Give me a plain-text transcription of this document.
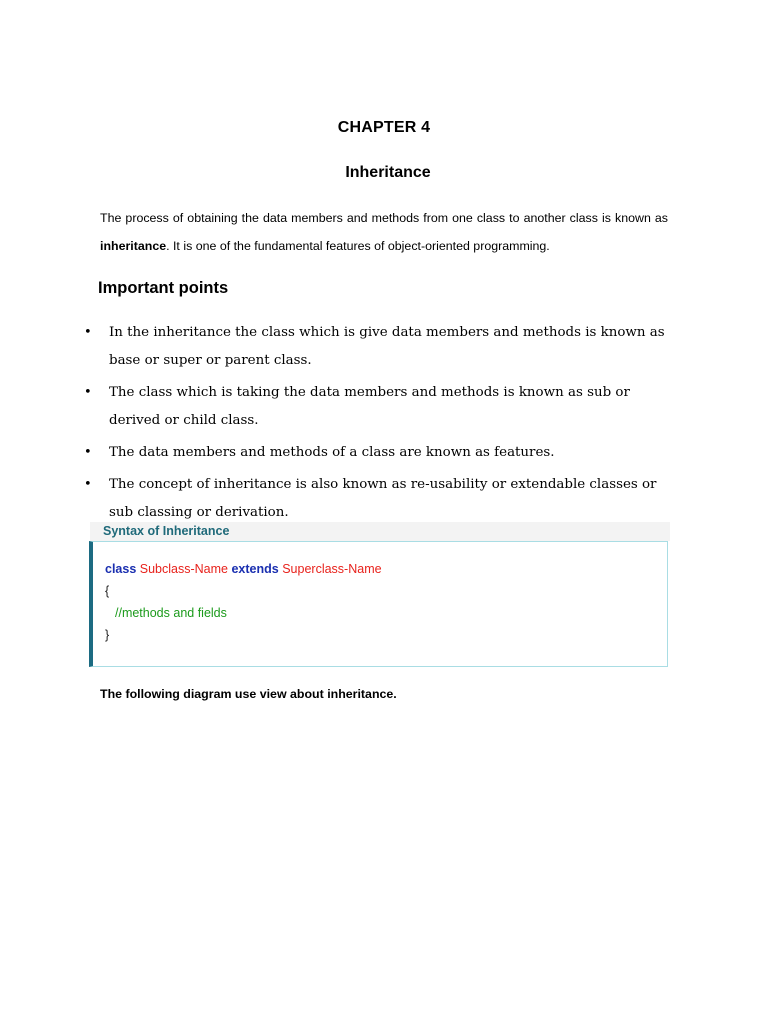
CHAPTER 4
Inheritance
The process of obtaining the data members and methods from one class to another class is known as inheritance. It is one of the fundamental features of object-oriented programming.
Important points
• In the inheritance the class which is give data members and methods is known as base or super or parent class.
• The class which is taking the data members and methods is known as sub or derived or child class.
• The data members and methods of a class are known as features.
• The concept of inheritance is also known as re-usability or extendable classes or sub classing or derivation.
Syntax of Inheritance
class Subclass-Name extends Superclass-Name
{
//methods and fields
}
The following diagram use view about inheritance.
